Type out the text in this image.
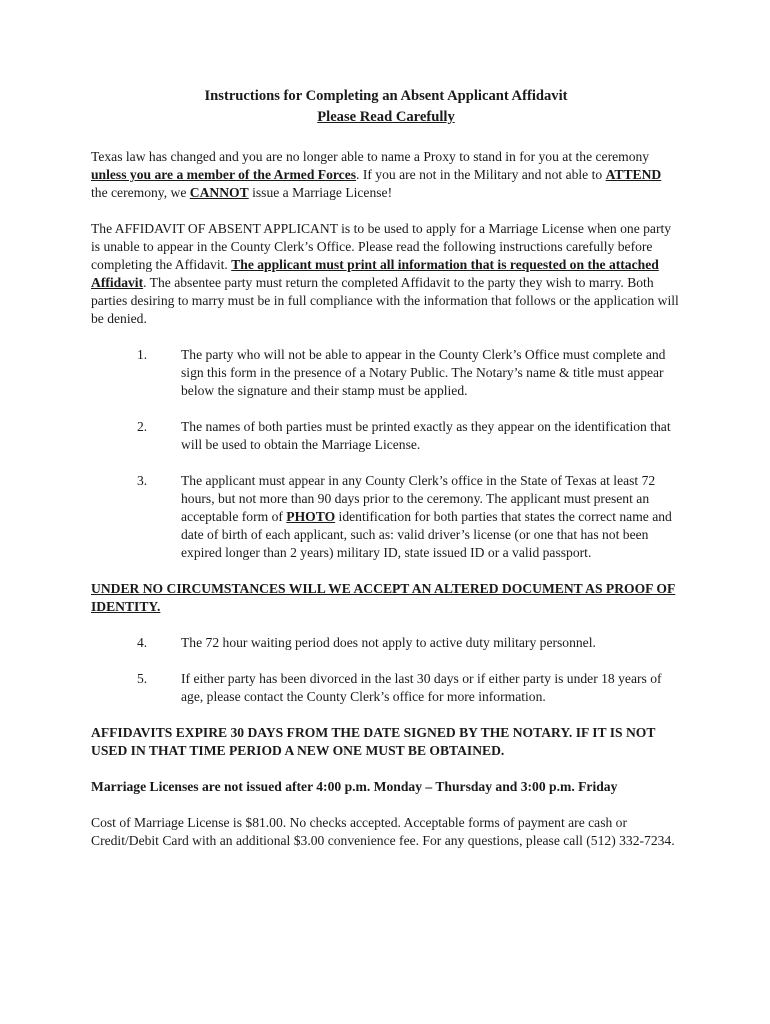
Instructions for Completing an Absent Applicant Affidavit
Please Read Carefully

Texas law has changed and you are no longer able to name a Proxy to stand in for you at the ceremony unless you are a member of the Armed Forces. If you are not in the Military and not able to ATTEND the ceremony, we CANNOT issue a Marriage License!

The AFFIDAVIT OF ABSENT APPLICANT is to be used to apply for a Marriage License when one party is unable to appear in the County Clerk’s Office. Please read the following instructions carefully before completing the Affidavit. The applicant must print all information that is requested on the attached Affidavit. The absentee party must return the completed Affidavit to the party they wish to marry. Both parties desiring to marry must be in full compliance with the information that follows or the application will be denied.

1. The party who will not be able to appear in the County Clerk’s Office must complete and sign this form in the presence of a Notary Public. The Notary’s name & title must appear below the signature and their stamp must be applied.
2. The names of both parties must be printed exactly as they appear on the identification that will be used to obtain the Marriage License.
3. The applicant must appear in any County Clerk’s office in the State of Texas at least 72 hours, but not more than 90 days prior to the ceremony. The applicant must present an acceptable form of PHOTO identification for both parties that states the correct name and date of birth of each applicant, such as: valid driver’s license (or one that has not been expired longer than 2 years) military ID, state issued ID or a valid passport.
UNDER NO CIRCUMSTANCES WILL WE ACCEPT AN ALTERED DOCUMENT AS PROOF OF IDENTITY.
4. The 72 hour waiting period does not apply to active duty military personnel.
5. If either party has been divorced in the last 30 days or if either party is under 18 years of age, please contact the County Clerk’s office for more information.
AFFIDAVITS EXPIRE 30 DAYS FROM THE DATE SIGNED BY THE NOTARY. IF IT IS NOT USED IN THAT TIME PERIOD A NEW ONE MUST BE OBTAINED.

Marriage Licenses are not issued after 4:00 p.m. Monday – Thursday and 3:00 p.m. Friday

Cost of Marriage License is $81.00. No checks accepted. Acceptable forms of payment are cash or Credit/Debit Card with an additional $3.00 convenience fee. For any questions, please call (512) 332-7234.
